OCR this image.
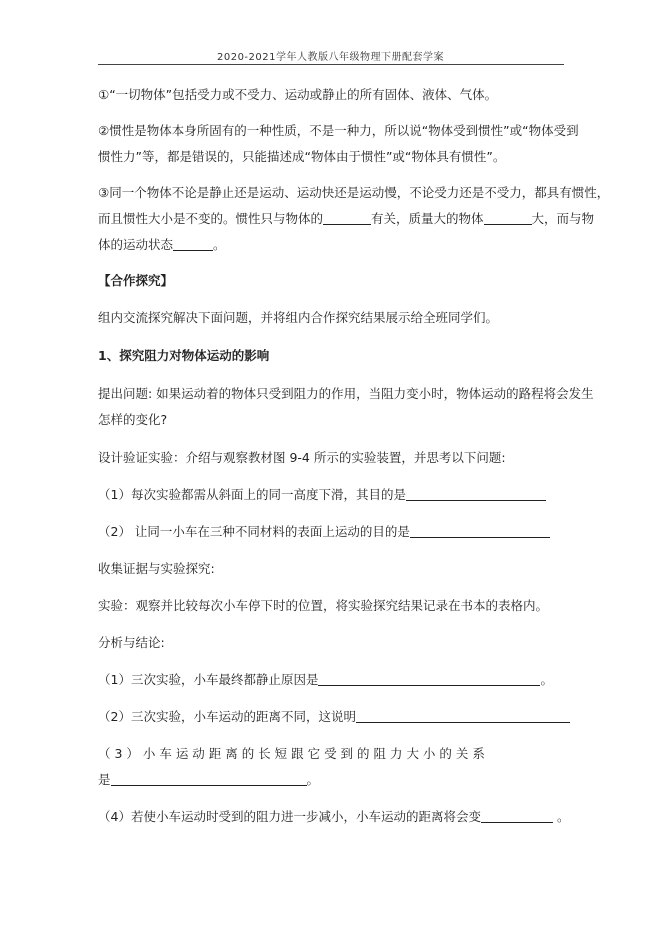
2020-2021学年人教版八年级物理下册配套学案
①“一切物体”包括受力或不受力、运动或静止的所有固体、液体、气体。
②惯性是物体本身所固有的一种性质，不是一种力，所以说“物体受到惯性”或“物体受到
惯性力”等，都是错误的，只能描述成“物体由于惯性”或“物体具有惯性”。
③同一个物体不论是静止还是运动、运动快还是运动慢，不论受力还是不受力，都具有惯性，
而且惯性大小是不变的。惯性只与物体的	有关，质量大的物体	大，而与物
体的运动状态	。
【合作探究】
组内交流探究解决下面问题，并将组内合作探究结果展示给全班同学们。
1、探究阻力对物体运动的影响
提出问题: 如果运动着的物体只受到阻力的作用，当阻力变小时，物体运动的路程将会发生
怎样的变化?
设计验证实验：介绍与观察教材图 9-4 所示的实验装置，并思考以下问题:
（1）每次实验都需从斜面上的同一高度下滑，其目的是
（2） 让同一小车在三种不同材料的表面上运动的目的是
收集证据与实验探究:
实验：观察并比较每次小车停下时的位置，将实验探究结果记录在书本的表格内。
分析与结论:
（1）三次实验，小车最终都静止原因是	。
（2）三次实验，小车运动的距离不同，这说明
（ 3 ） 小 车 运 动 距 离 的 长 短 跟 它 受 到 的 阻 力 大 小 的 关 系
是	。
（4）若使小车运动时受到的阻力进一步减小，小车运动的距离将会变	。
